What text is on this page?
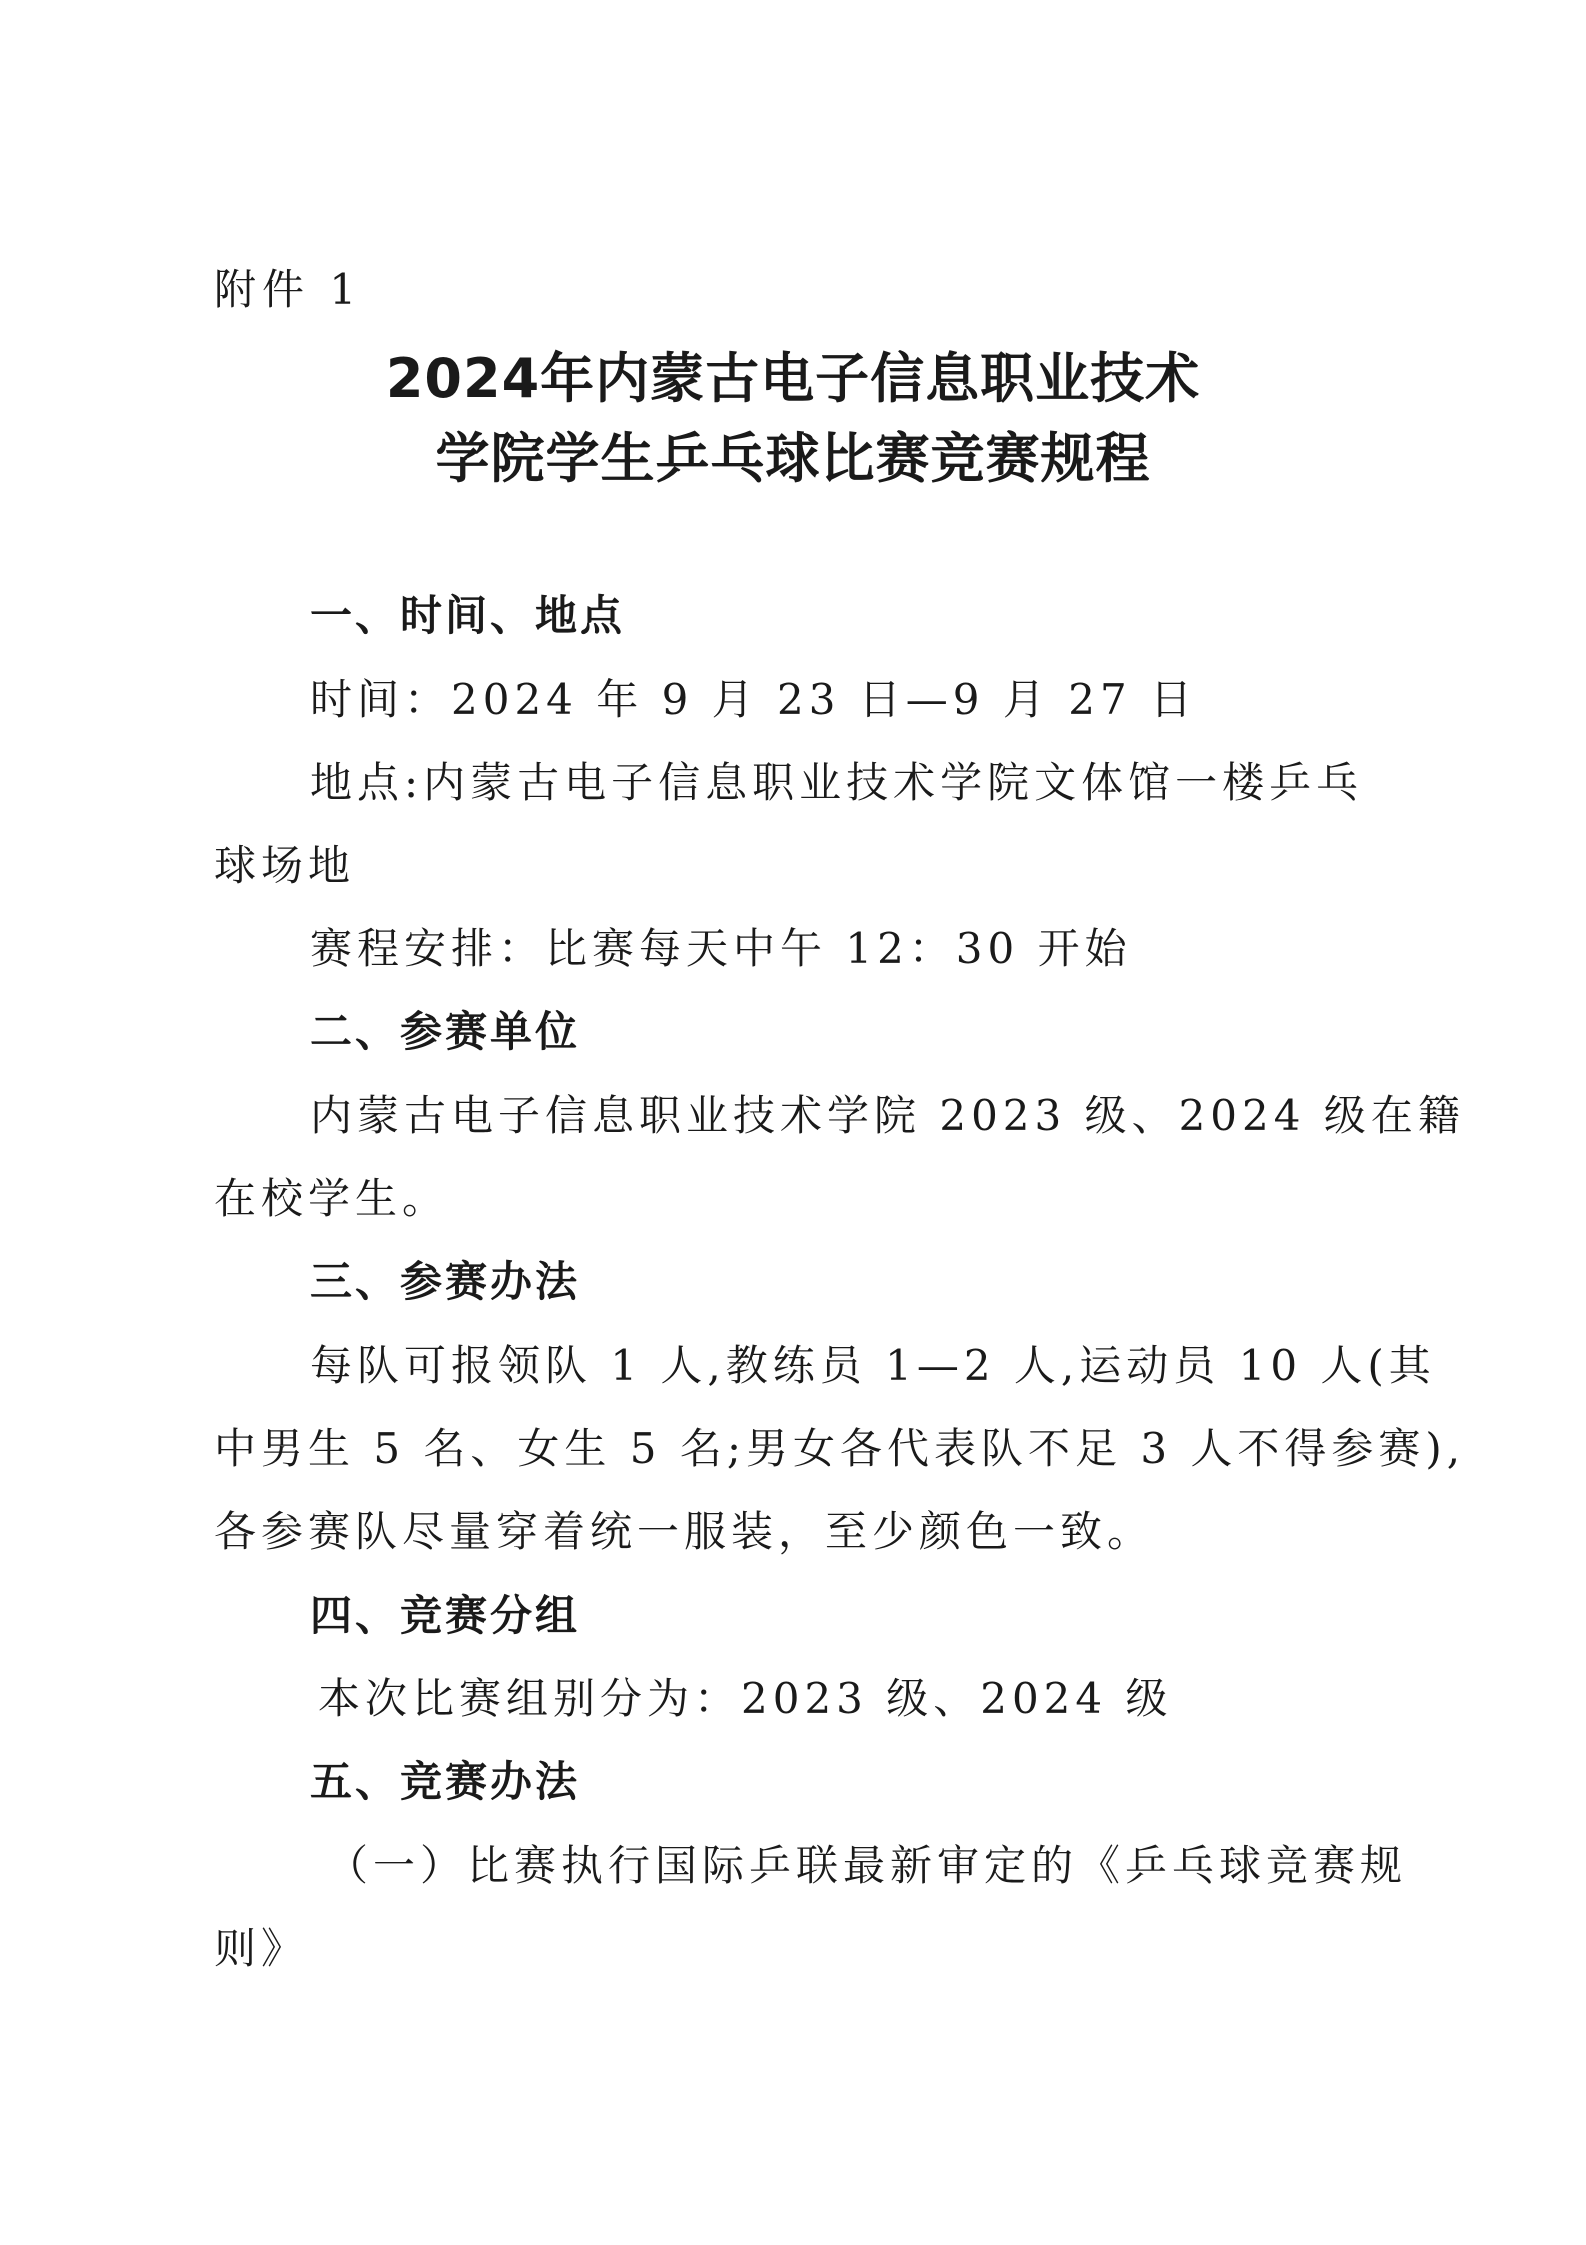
附件 1
2024年内蒙古电子信息职业技术
学院学生乒乓球比赛竞赛规程
一、时间、地点
时间：2024 年 9 月 23 日—9 月 27 日
地点:内蒙古电子信息职业技术学院文体馆一楼乒乓
球场地
赛程安排：比赛每天中午 12：30 开始
二、参赛单位
内蒙古电子信息职业技术学院 2023 级、2024 级在籍
在校学生。
三、参赛办法
每队可报领队 1 人,教练员 1—2 人,运动员 10 人(其
中男生 5 名、女生 5 名;男女各代表队不足 3 人不得参赛),
各参赛队尽量穿着统一服装，至少颜色一致。
四、竞赛分组
本次比赛组别分为：2023 级、2024 级
五、竞赛办法
（一）比赛执行国际乒联最新审定的《乒乓球竞赛规
则》
